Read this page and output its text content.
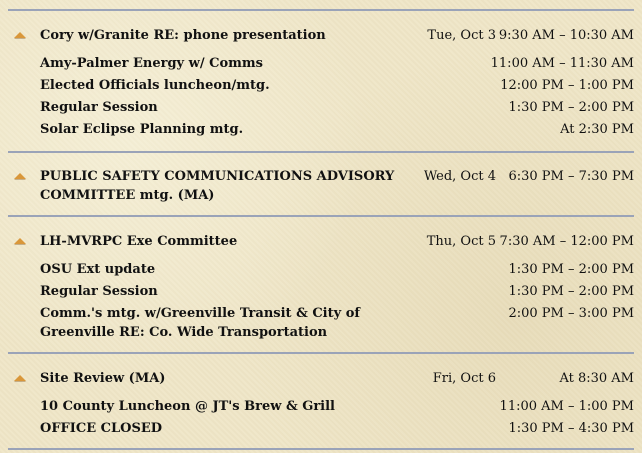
Cory w/Granite RE: phone presentation	Tue, Oct 3 9:30 AM – 10:30 AM
Amy-Palmer Energy w/ Comms	11:00 AM – 11:30 AM
Elected Officials luncheon/mtg.	12:00 PM – 1:00 PM
Regular Session	1:30 PM – 2:00 PM
Solar Eclipse Planning mtg.	At 2:30 PM
PUBLIC SAFETY COMMUNICATIONS ADVISORY COMMITTEE mtg. (MA)
Wed, Oct 4 6:30 PM – 7:30 PM
LH-MVRPC Exe Committee	Thu, Oct 5 7:30 AM – 12:00 PM
OSU Ext update	1:30 PM – 2:00 PM
Regular Session	1:30 PM – 2:00 PM
Comm.'s mtg. w/Greenville Transit & City of Greenville RE: Co. Wide Transportation
2:00 PM – 3:00 PM
Site Review (MA)	Fri, Oct 6	At 8:30 AM
10 County Luncheon @ JT's Brew & Grill	11:00 AM – 1:00 PM
OFFICE CLOSED	1:30 PM – 4:30 PM
